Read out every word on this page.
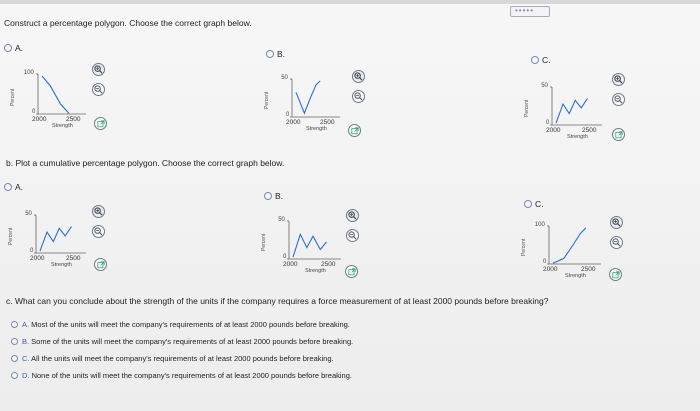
•••••
Construct a percentage polygon. Choose the correct graph below.
A.
Percent
100
0
2000	2500
Strength
B.
Percent
50
0
2000	2500
Strength
C.
Percent
50
0
2000	2500
Strength
b. Plot a cumulative percentage polygon. Choose the correct graph below.
A.
Percent
50
0
2000	2500
Strength
B.
Percent
50
0
2000	2500
Strength
C.
Percent
100
0
2000	2500
Strength
c. What can you conclude about the strength of the units if the company requires a force measurement of at least 2000 pounds before breaking?
A. Most of the units will meet the company's requirements of at least 2000 pounds before breaking.
B. Some of the units will meet the company's requirements of at least 2000 pounds before breaking.
C. All the units will meet the company's requirements of at least 2000 pounds before breaking.
D. None of the units will meet the company's requirements of at least 2000 pounds before breaking.
